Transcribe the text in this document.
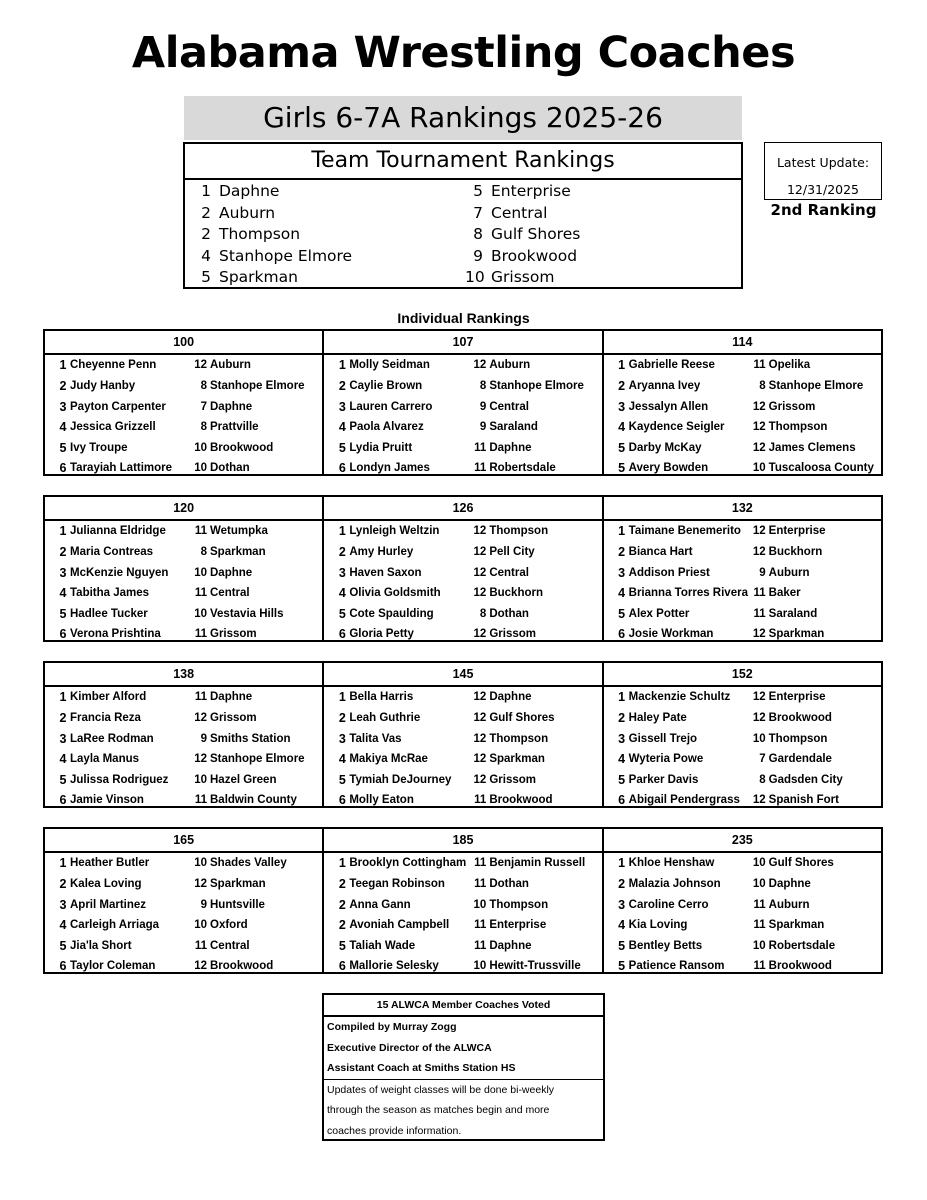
Alabama Wrestling Coaches
Girls 6-7A Rankings 2025-26
Team Tournament Rankings
1 Daphne
2 Auburn
2 Thompson
4 Stanhope Elmore
5 Sparkman
5 Enterprise
7 Central
8 Gulf Shores
9 Brookwood
10 Grissom
Latest Update:
12/31/2025
2nd Ranking
Individual Rankings
100
1 Cheyenne Penn	12 Auburn
2 Judy Hanby	8 Stanhope Elmore
3 Payton Carpenter	7 Daphne
4 Jessica Grizzell	8 Prattville
5 Ivy Troupe	10 Brookwood
6 Tarayiah Lattimore	10 Dothan
107
1 Molly Seidman	12 Auburn
2 Caylie Brown	8 Stanhope Elmore
3 Lauren Carrero	9 Central
4 Paola Alvarez	9 Saraland
5 Lydia Pruitt	11 Daphne
6 Londyn James	11 Robertsdale
114
1 Gabrielle Reese	11 Opelika
2 Aryanna Ivey	8 Stanhope Elmore
3 Jessalyn Allen	12 Grissom
4 Kaydence Seigler	12 Thompson
5 Darby McKay	12 James Clemens
5 Avery Bowden	10 Tuscaloosa County
120
1 Julianna Eldridge	11 Wetumpka
2 Maria Contreas	8 Sparkman
3 McKenzie Nguyen	10 Daphne
4 Tabitha James	11 Central
5 Hadlee Tucker	10 Vestavia Hills
6 Verona Prishtina	11 Grissom
126
1 Lynleigh Weltzin	12 Thompson
2 Amy Hurley	12 Pell City
3 Haven Saxon	12 Central
4 Olivia Goldsmith	12 Buckhorn
5 Cote Spaulding	8 Dothan
6 Gloria Petty	12 Grissom
132
1 Taimane Benemerito	12 Enterprise
2 Bianca Hart	12 Buckhorn
3 Addison Priest	9 Auburn
4 Brianna Torres Rivera 11 Baker
5 Alex Potter	11 Saraland
6 Josie Workman	12 Sparkman
138
1 Kimber Alford	11 Daphne
2 Francia Reza	12 Grissom
3 LaRee Rodman	9 Smiths Station
4 Layla Manus	12 Stanhope Elmore
5 Julissa Rodriguez	10 Hazel Green
6 Jamie Vinson	11 Baldwin County
145
1 Bella Harris	12 Daphne
2 Leah Guthrie	12 Gulf Shores
3 Talita Vas	12 Thompson
4 Makiya McRae	12 Sparkman
5 Tymiah DeJourney	12 Grissom
6 Molly Eaton	11 Brookwood
152
1 Mackenzie Schultz	12 Enterprise
2 Haley Pate	12 Brookwood
3 Gissell Trejo	10 Thompson
4 Wyteria Powe	7 Gardendale
5 Parker Davis	8 Gadsden City
6 Abigail Pendergrass	12 Spanish Fort
165
1 Heather Butler	10 Shades Valley
2 Kalea Loving	12 Sparkman
3 April Martinez	9 Huntsville
4 Carleigh Arriaga	10 Oxford
5 Jia'la Short	11 Central
6 Taylor Coleman	12 Brookwood
185
1 Brooklyn Cottingham 11 Benjamin Russell
2 Teegan Robinson	11 Dothan
2 Anna Gann	10 Thompson
2 Avoniah Campbell	11 Enterprise
5 Taliah Wade	11 Daphne
6 Mallorie Selesky	10 Hewitt-Trussville
235
1 Khloe Henshaw	10 Gulf Shores
2 Malazia Johnson	10 Daphne
3 Caroline Cerro	11 Auburn
4 Kia Loving	11 Sparkman
5 Bentley Betts	10 Robertsdale
5 Patience Ransom	11 Brookwood
15 ALWCA Member Coaches Voted
Compiled by Murray Zogg
Executive Director of the ALWCA
Assistant Coach at Smiths Station HS
Updates of weight classes will be done bi-weekly
through the season as matches begin and more
coaches provide information.
